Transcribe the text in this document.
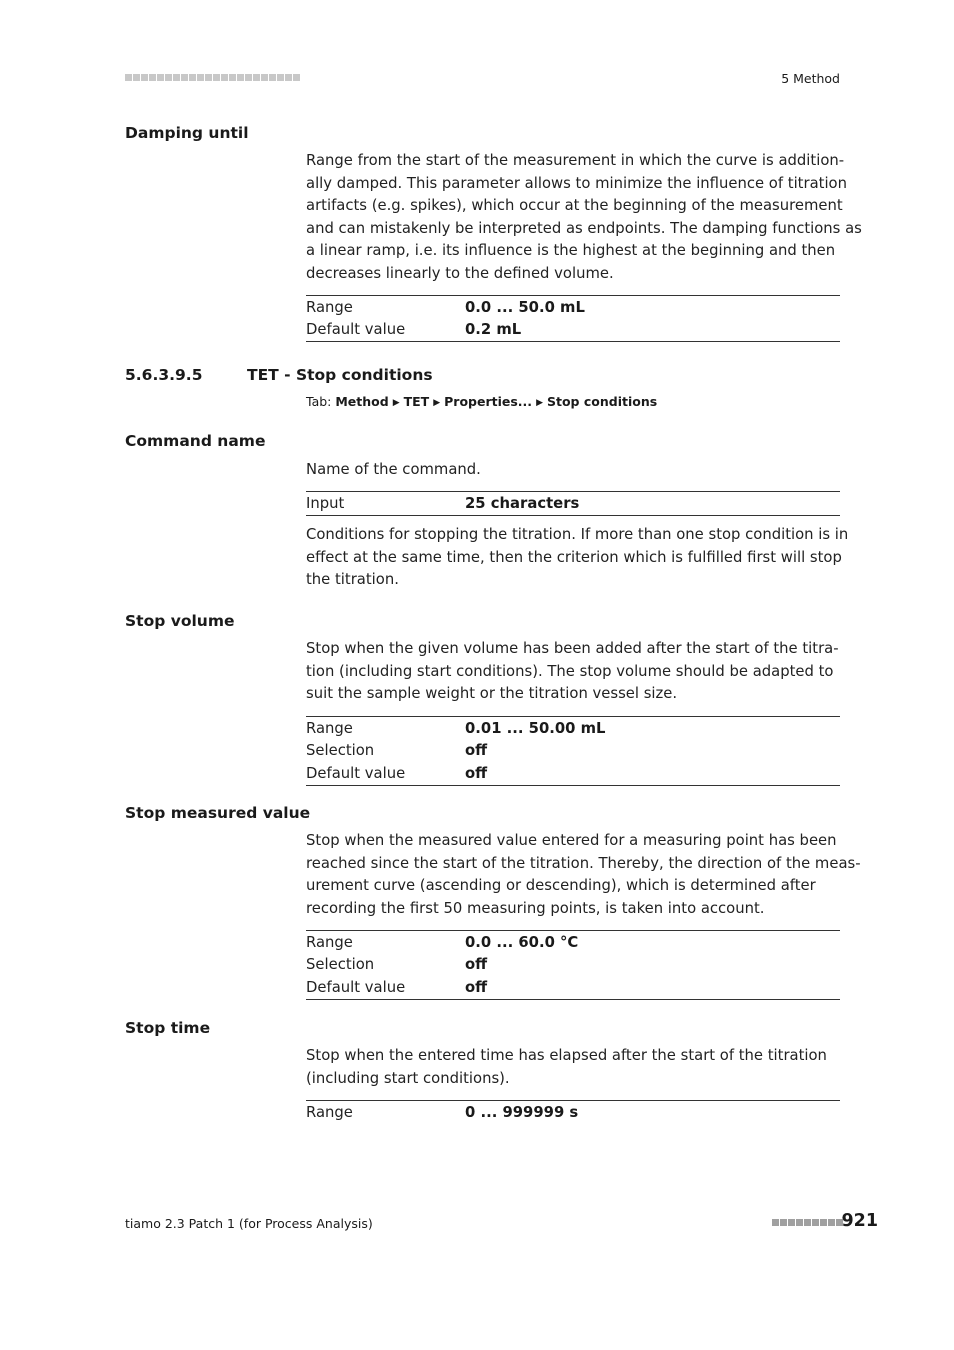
5 Method
Damping until
Range from the start of the measurement in which the curve is addition-
ally damped. This parameter allows to minimize the influence of titration
artifacts (e.g. spikes), which occur at the beginning of the measurement
and can mistakenly be interpreted as endpoints. The damping functions as
a linear ramp, i.e. its influence is the highest at the beginning and then
decreases linearly to the defined volume.
Range	0.0 ... 50.0 mL
Default value	0.2 mL
5.6.3.9.5	TET - Stop conditions
Tab: Method ▶ TET ▶ Properties... ▶ Stop conditions
Command name
Name of the command.
Input	25 characters
Conditions for stopping the titration. If more than one stop condition is in
effect at the same time, then the criterion which is fulfilled first will stop
the titration.
Stop volume
Stop when the given volume has been added after the start of the titra-
tion (including start conditions). The stop volume should be adapted to
suit the sample weight or the titration vessel size.
Range	0.01 ... 50.00 mL
Selection	off
Default value	off
Stop measured value
Stop when the measured value entered for a measuring point has been
reached since the start of the titration. Thereby, the direction of the meas-
urement curve (ascending or descending), which is determined after
recording the first 50 measuring points, is taken into account.
Range	0.0 ... 60.0 °C
Selection	off
Default value	off
Stop time
Stop when the entered time has elapsed after the start of the titration
(including start conditions).
Range	0 ... 999999 s
tiamo 2.3 Patch 1 (for Process Analysis)	921
